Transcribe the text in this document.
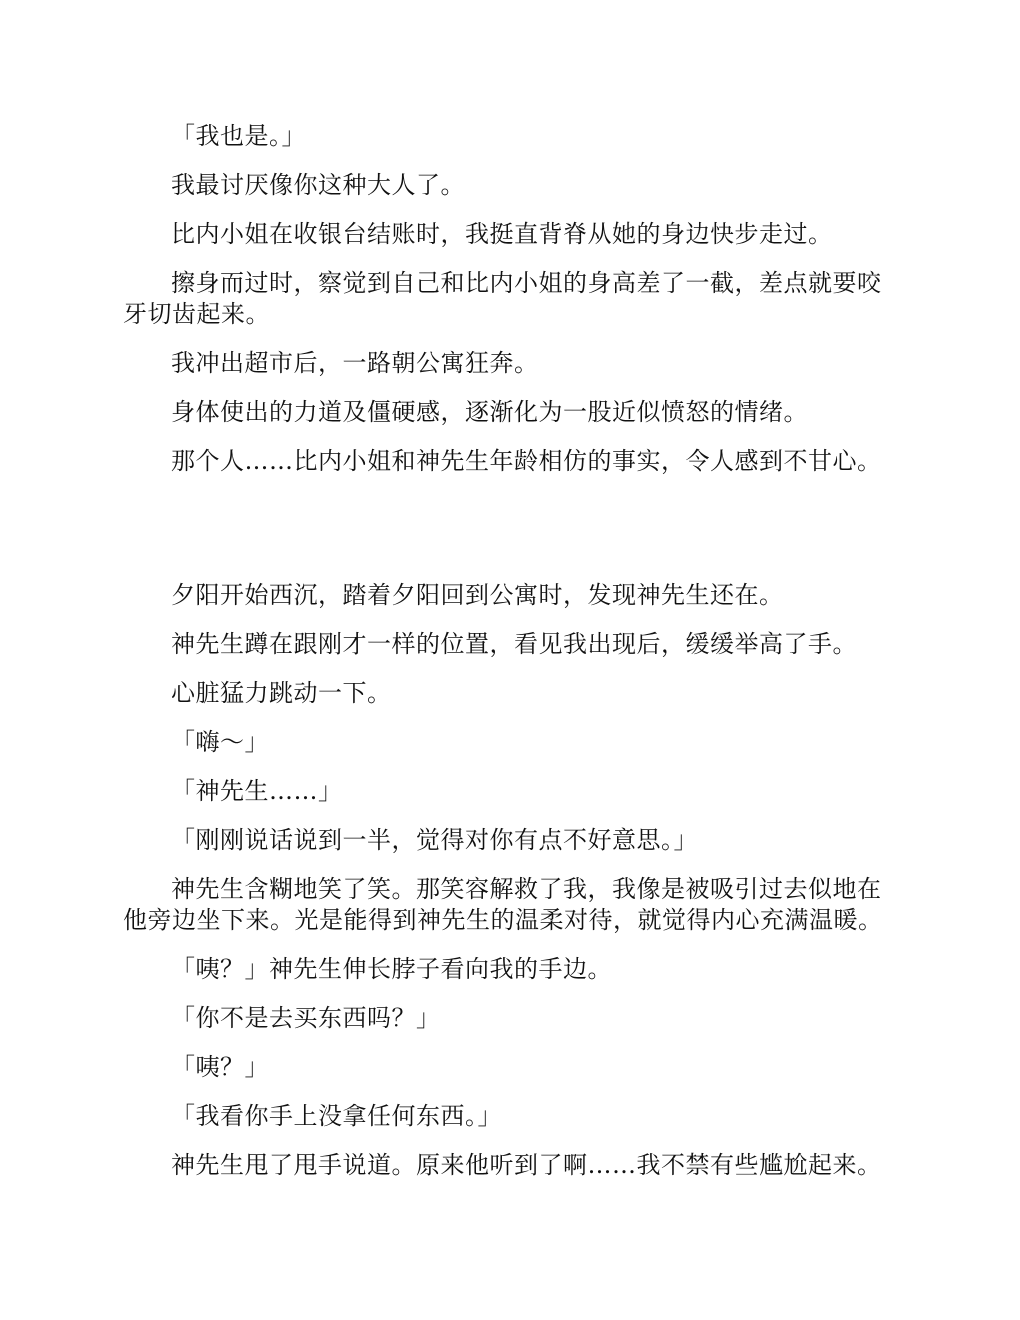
「我也是。」

我最讨厌像你这种大人了。

比内小姐在收银台结账时，我挺直背脊从她的身边快步走过。

擦身而过时，察觉到自己和比内小姐的身高差了一截，差点就要咬牙切齿起来。

我冲出超市后，一路朝公寓狂奔。

身体使出的力道及僵硬感，逐渐化为一股近似愤怒的情绪。

那个人……比内小姐和神先生年龄相仿的事实，令人感到不甘心。

夕阳开始西沉，踏着夕阳回到公寓时，发现神先生还在。

神先生蹲在跟刚才一样的位置，看见我出现后，缓缓举高了手。

心脏猛力跳动一下。

「嗨～」

「神先生……」

「刚刚说话说到一半，觉得对你有点不好意思。」

神先生含糊地笑了笑。那笑容解救了我，我像是被吸引过去似地在他旁边坐下来。光是能得到神先生的温柔对待，就觉得内心充满温暖。

「咦？」神先生伸长脖子看向我的手边。

「你不是去买东西吗？」

「咦？」

「我看你手上没拿任何东西。」

神先生甩了甩手说道。原来他听到了啊……我不禁有些尴尬起来。
